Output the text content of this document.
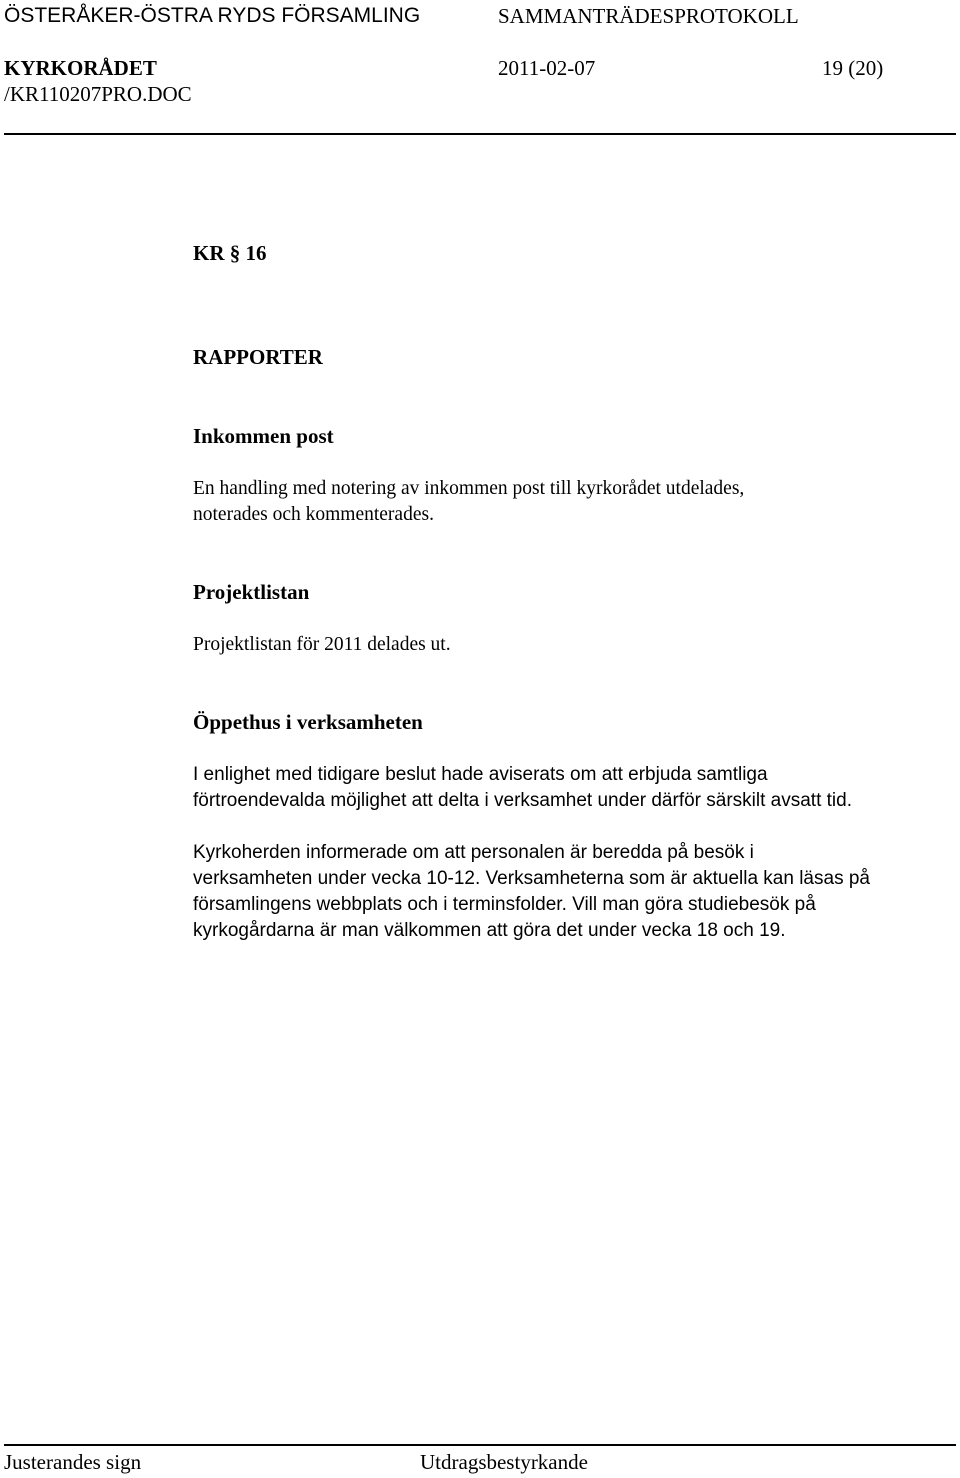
ÖSTERÅKER-ÖSTRA RYDS FÖRSAMLING	SAMMANTRÄDESPROTOKOLL
KYRKORÅDET	2011-02-07	19 (20)
/KR110207PRO.DOC
KR § 16
RAPPORTER
Inkommen post
En handling med notering av inkommen post till kyrkorådet utdelades,
noterades och kommenterades.
Projektlistan
Projektlistan för 2011 delades ut.
Öppethus i verksamheten
I enlighet med tidigare beslut hade aviserats om att erbjuda samtliga
förtroendevalda möjlighet att delta i verksamhet under därför särskilt avsatt tid.
Kyrkoherden informerade om att personalen är beredda på besök i
verksamheten under vecka 10-12. Verksamheterna som är aktuella kan läsas på
församlingens webbplats och i terminsfolder. Vill man göra studiebesök på
kyrkogårdarna är man välkommen att göra det under vecka 18 och 19.
Justerandes sign	Utdragsbestyrkande
